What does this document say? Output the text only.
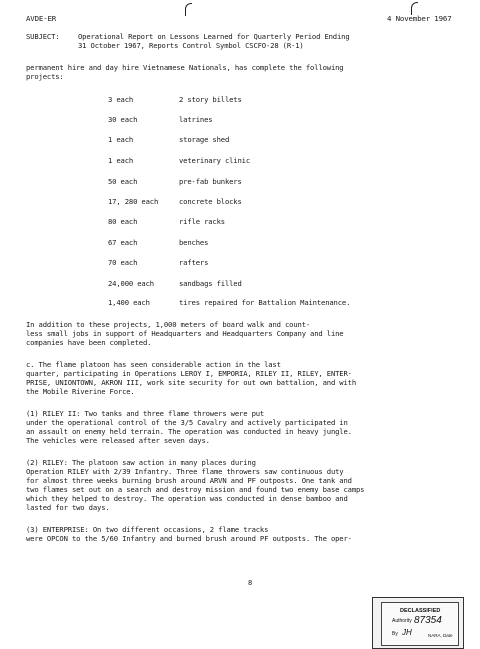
AVDE-ER	4 November 1967
SUBJECT:	Operational Report on Lessons Learned for Quarterly Period Ending
31 October 1967, Reports Control Symbol CSCFO-28 (R-1)
permanent hire and day hire Vietnamese Nationals, has complete the following
projects:
3 each	2 story billets
30 each	latrines
1 each	storage shed
1 each	veterinary clinic
50 each	pre-fab bunkers
17, 280 each	concrete blocks
80 each	rifle racks
67 each	benches
70 each	rafters
24,000 each	sandbags filled
1,400 each	tires repaired for Battalion Maintenance.
In addition to these projects, 1,000 meters of board walk and count-
less small jobs in support of Headquarters and Headquarters Company and line
companies have been completed.
c. The flame platoon has seen considerable action in the last
quarter, participating in Operations LEROY I, EMPORIA, RILEY II, RILEY, ENTER-
PRISE, UNIONTOWN, AKRON III, work site security for out own battalion, and with
the Mobile Riverine Force.
(1) RILEY II: Two tanks and three flame throwers were put
under the operational control of the 3/5 Cavalry and actively participated in
an assault on enemy held terrain. The operation was conducted in heavy jungle.
The vehicles were released after seven days.
(2) RILEY: The platoon saw action in many places during
Operation RILEY with 2/39 Infantry. Three flame throwers saw continuous duty
for almost three weeks burning brush around ARVN and PF outposts. One tank and
two flames set out on a search and destroy mission and found two enemy base camps
which they helped to destroy. The operation was conducted in dense bamboo and
lasted for two days.
(3) ENTERPRISE: On two different occasions, 2 flame tracks
were OPCON to the 5/60 Infantry and burned brush around PF outposts. The oper-
8
DECLASSIFIED
Authority 87354
By JH	NARA, Date
